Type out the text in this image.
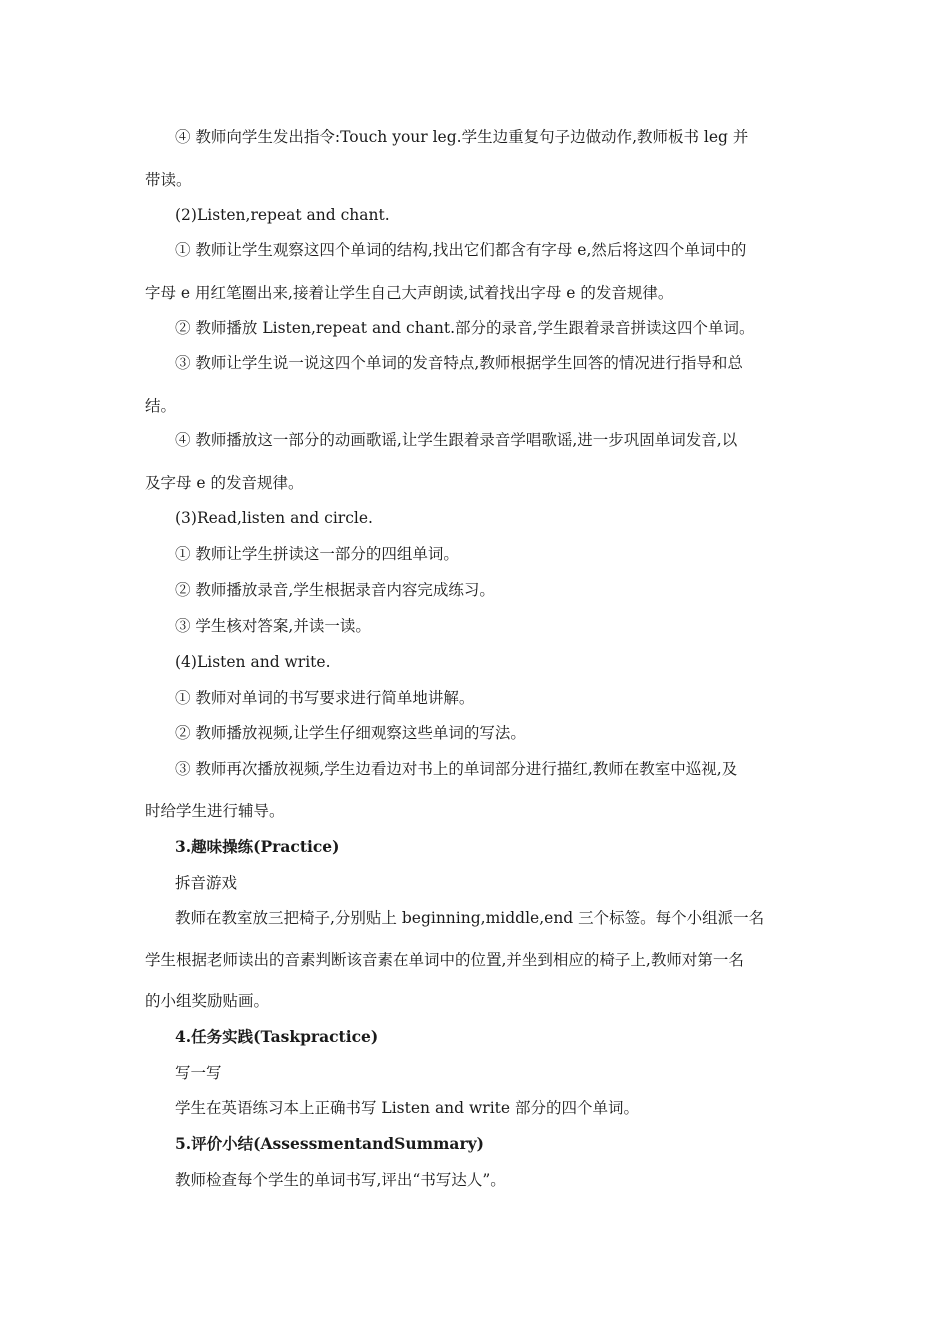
④ 教师向学生发出指令:Touch your leg.学生边重复句子边做动作,教师板书 leg 并
带读。
(2)Listen,repeat and chant.
① 教师让学生观察这四个单词的结构,找出它们都含有字母 e,然后将这四个单词中的
字母 e 用红笔圈出来,接着让学生自己大声朗读,试着找出字母 e 的发音规律。
② 教师播放 Listen,repeat and chant.部分的录音,学生跟着录音拼读这四个单词。
③ 教师让学生说一说这四个单词的发音特点,教师根据学生回答的情况进行指导和总
结。
④ 教师播放这一部分的动画歌谣,让学生跟着录音学唱歌谣,进一步巩固单词发音,以
及字母 e 的发音规律。
(3)Read,listen and circle.
① 教师让学生拼读这一部分的四组单词。
② 教师播放录音,学生根据录音内容完成练习。
③ 学生核对答案,并读一读。
(4)Listen and write.
① 教师对单词的书写要求进行简单地讲解。
② 教师播放视频,让学生仔细观察这些单词的写法。
③ 教师再次播放视频,学生边看边对书上的单词部分进行描红,教师在教室中巡视,及
时给学生进行辅导。
3.趣味操练(Practice)
拆音游戏
教师在教室放三把椅子,分别贴上 beginning,middle,end 三个标签。每个小组派一名
学生根据老师读出的音素判断该音素在单词中的位置,并坐到相应的椅子上,教师对第一名
的小组奖励贴画。
4.任务实践(Taskpractice)
写一写
学生在英语练习本上正确书写 Listen and write 部分的四个单词。
5.评价小结(AssessmentandSummary)
教师检查每个学生的单词书写,评出“书写达人”。
